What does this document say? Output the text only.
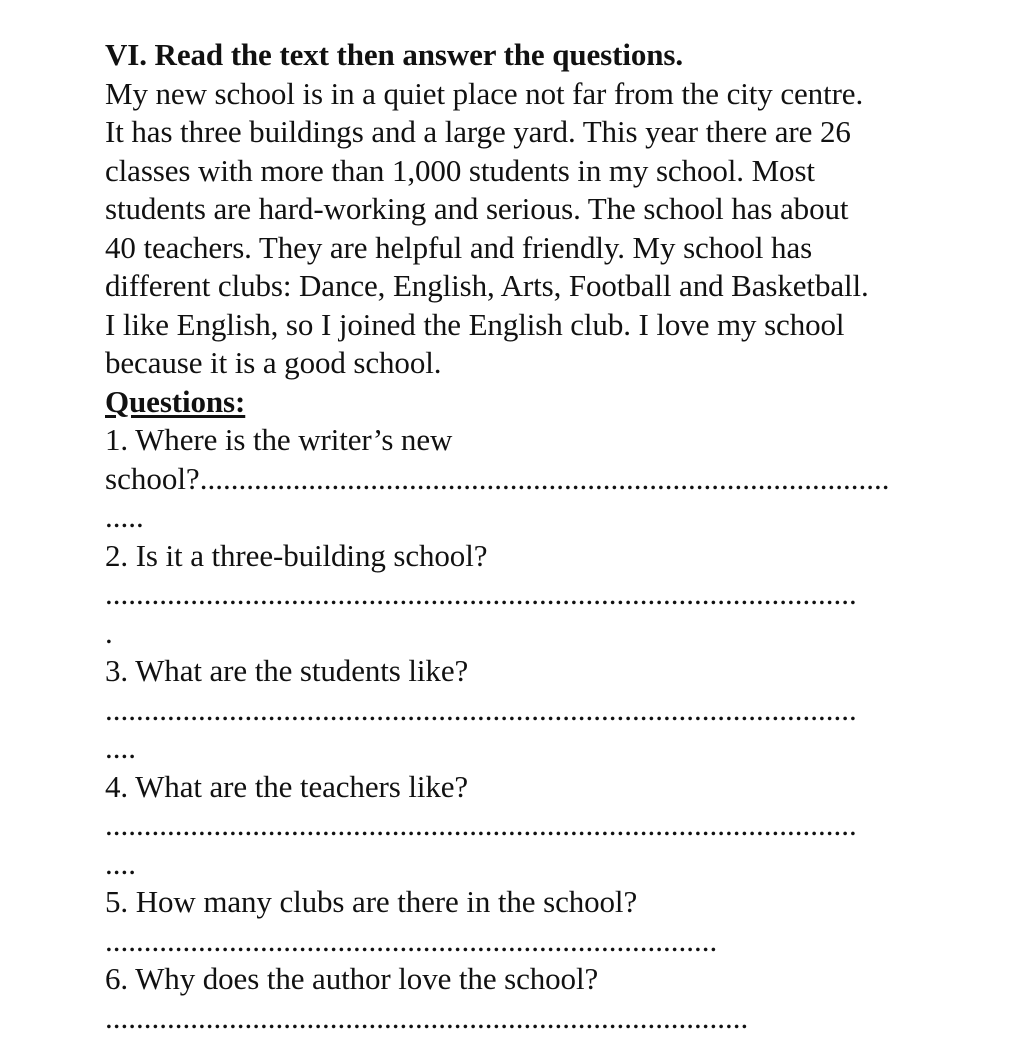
VI. Read the text then answer the questions.
My new school is in a quiet place not far from the city centre.
It has three buildings and a large yard. This year there are 26
classes with more than 1,000 students in my school. Most
students are hard-working and serious. The school has about
40 teachers. They are helpful and friendly. My school has
different clubs: Dance, English, Arts, Football and Basketball.
I like English, so I joined the English club. I love my school
because it is a good school.
Questions:
1. Where is the writer’s new
school?.........................................................................................
.....
2. Is it a three-building school?
.................................................................................................
.
3. What are the students like?
.................................................................................................
....
4. What are the teachers like?
.................................................................................................
....
5. How many clubs are there in the school?
...............................................................................
6. Why does the author love the school?
...................................................................................
